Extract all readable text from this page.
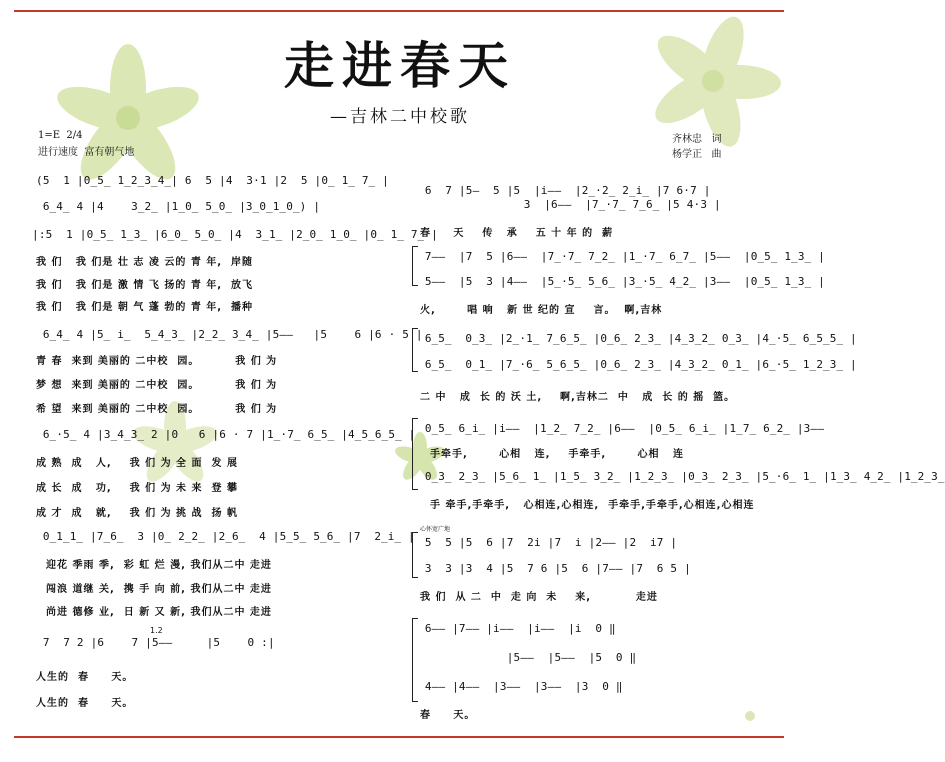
走进春天
—吉林二中校歌
1=E  2/4
进行速度  富有朝气地
齐林忠   词
杨学正   曲
(5  1 |0̲5̲ 1̲2̲3̲4̲| 6  5 |4  3·1 |2  5 |0̲ 1̲ 7̲ |
6̲4̲ 4 |4    3̲2̲ |1̲0̲ 5̲0̲ |3̲0̲1̲0̲) |
|:5  1 |0̲5̲ 1̲3̲ |6̲0̲ 5̲0̲ |4  3̲1̲ |2̲0̲ 1̲0̲ |0̲ 1̲ 7̲ |
我 们   我 们是 壮 志 凌 云的 青 年,  岸随
我 们   我 们是 激 情 飞 扬的 青 年,  放飞
我 们   我 们是 朝 气 蓬 勃的 青 年,  播种
6̲4̲ 4 |5̲ i̲  5̲4̲3̲ |2̲2̲ 3̲4̲ |5——   |5    6 |6 · 5 |
青 春  来到 美丽的 二中校  园。        我 们 为
梦 想  来到 美丽的 二中校  园。        我 们 为
希 望  来到 美丽的 二中校  园。        我 们 为
6̲·5̲ 4 |3̲4̲3̲ 2 |0   6 |6 · 7 |1̲·7̲ 6̲5̲ |4̲5̲6̲5̲ |
成 熟  成   人,    我 们 为 全 面  发 展
成 长  成   功,    我 们 为 未 来  登 攀
成 才  成   就,    我 们 为 挑 战  扬 帆
0̲1̲1̲ |7̲6̲  3 |0̲ 2̲2̲ |2̲6̲  4 |5̲5̲ 5̲6̲ |7  2̲i̲ |
迎花 季雨 季,  彩 虹 烂 漫, 我们从二中 走进
闯浪 道继 关,  携 手 向 前, 我们从二中 走进
尚进 德修 业,  日 新 又 新, 我们从二中 走进
1.2
7  7 2 |6    7 |5——     |5    0 :|
人生的  春     天。
人生的  春     天。
6  7 |5—  5 |5  |i——  |2̲·2̲ 2̲i̲ |7 6·7 |
3  |6——  |7̲·7̲ 7̲6̲ |5 4·3 |
春     天    传   承    五 十 年 的  薪
7——  |7  5 |6——  |7̲·7̲ 7̲2̲ |1̲·7̲ 6̲7̲ |5——  |0̲5̲ 1̲3̲ |
5——  |5  3 |4——  |5̲·5̲ 5̲6̲ |3̲·5̲ 4̲2̲ |3——  |0̲5̲ 1̲3̲ |
火,       唱 响   新 世 纪的 宣    言。  啊,吉林
6̲5̲  0̲3̲ |2̲·1̲ 7̲6̲5̲ |0̲6̲ 2̲3̲ |4̲3̲2̲ 0̲3̲ |4̲·5̲ 6̲5̲5̲ |
6̲5̲  0̲1̲ |7̲·6̲ 5̲6̲5̲ |0̲6̲ 2̲3̲ |4̲3̲2̲ 0̲1̲ |6̲·5̲ 1̲2̲3̲ |
二 中   成  长 的 沃 土,    啊,吉林二  中   成  长 的 摇  篮。
0̲5̲ 6̲i̲ |i——  |1̲2̲ 7̲2̲ |6——  |0̲5̲ 6̲i̲ |1̲7̲ 6̲2̲ |3——
手牵手,       心相   连,    手牵手,       心相   连
0̲3̲ 2̲3̲ |5̲6̲ 1̲ |1̲5̲ 3̲2̲ |1̲2̲3̲ |0̲3̲ 2̲3̲ |5̲·6̲ 1̲ |1̲3̲ 4̲2̲ |1̲2̲3̲
手 牵手,手牵手,   心相连,心相连,  手牵手,手牵手,心相连,心相连
心怀宽广地
5  5 |5  6 |7  2i |7  i |2—— |2  i7 |
3  3 |3  4 |5  7 6 |5  6 |7—— |7  6 5 |
我 们  从 二  中  走 向  未    来,          走进
6—— |7—— |i——  |i——  |i  0 ‖
|5——  |5——  |5  0 ‖
4—— |4——  |3——  |3——  |3  0 ‖
春     天。
